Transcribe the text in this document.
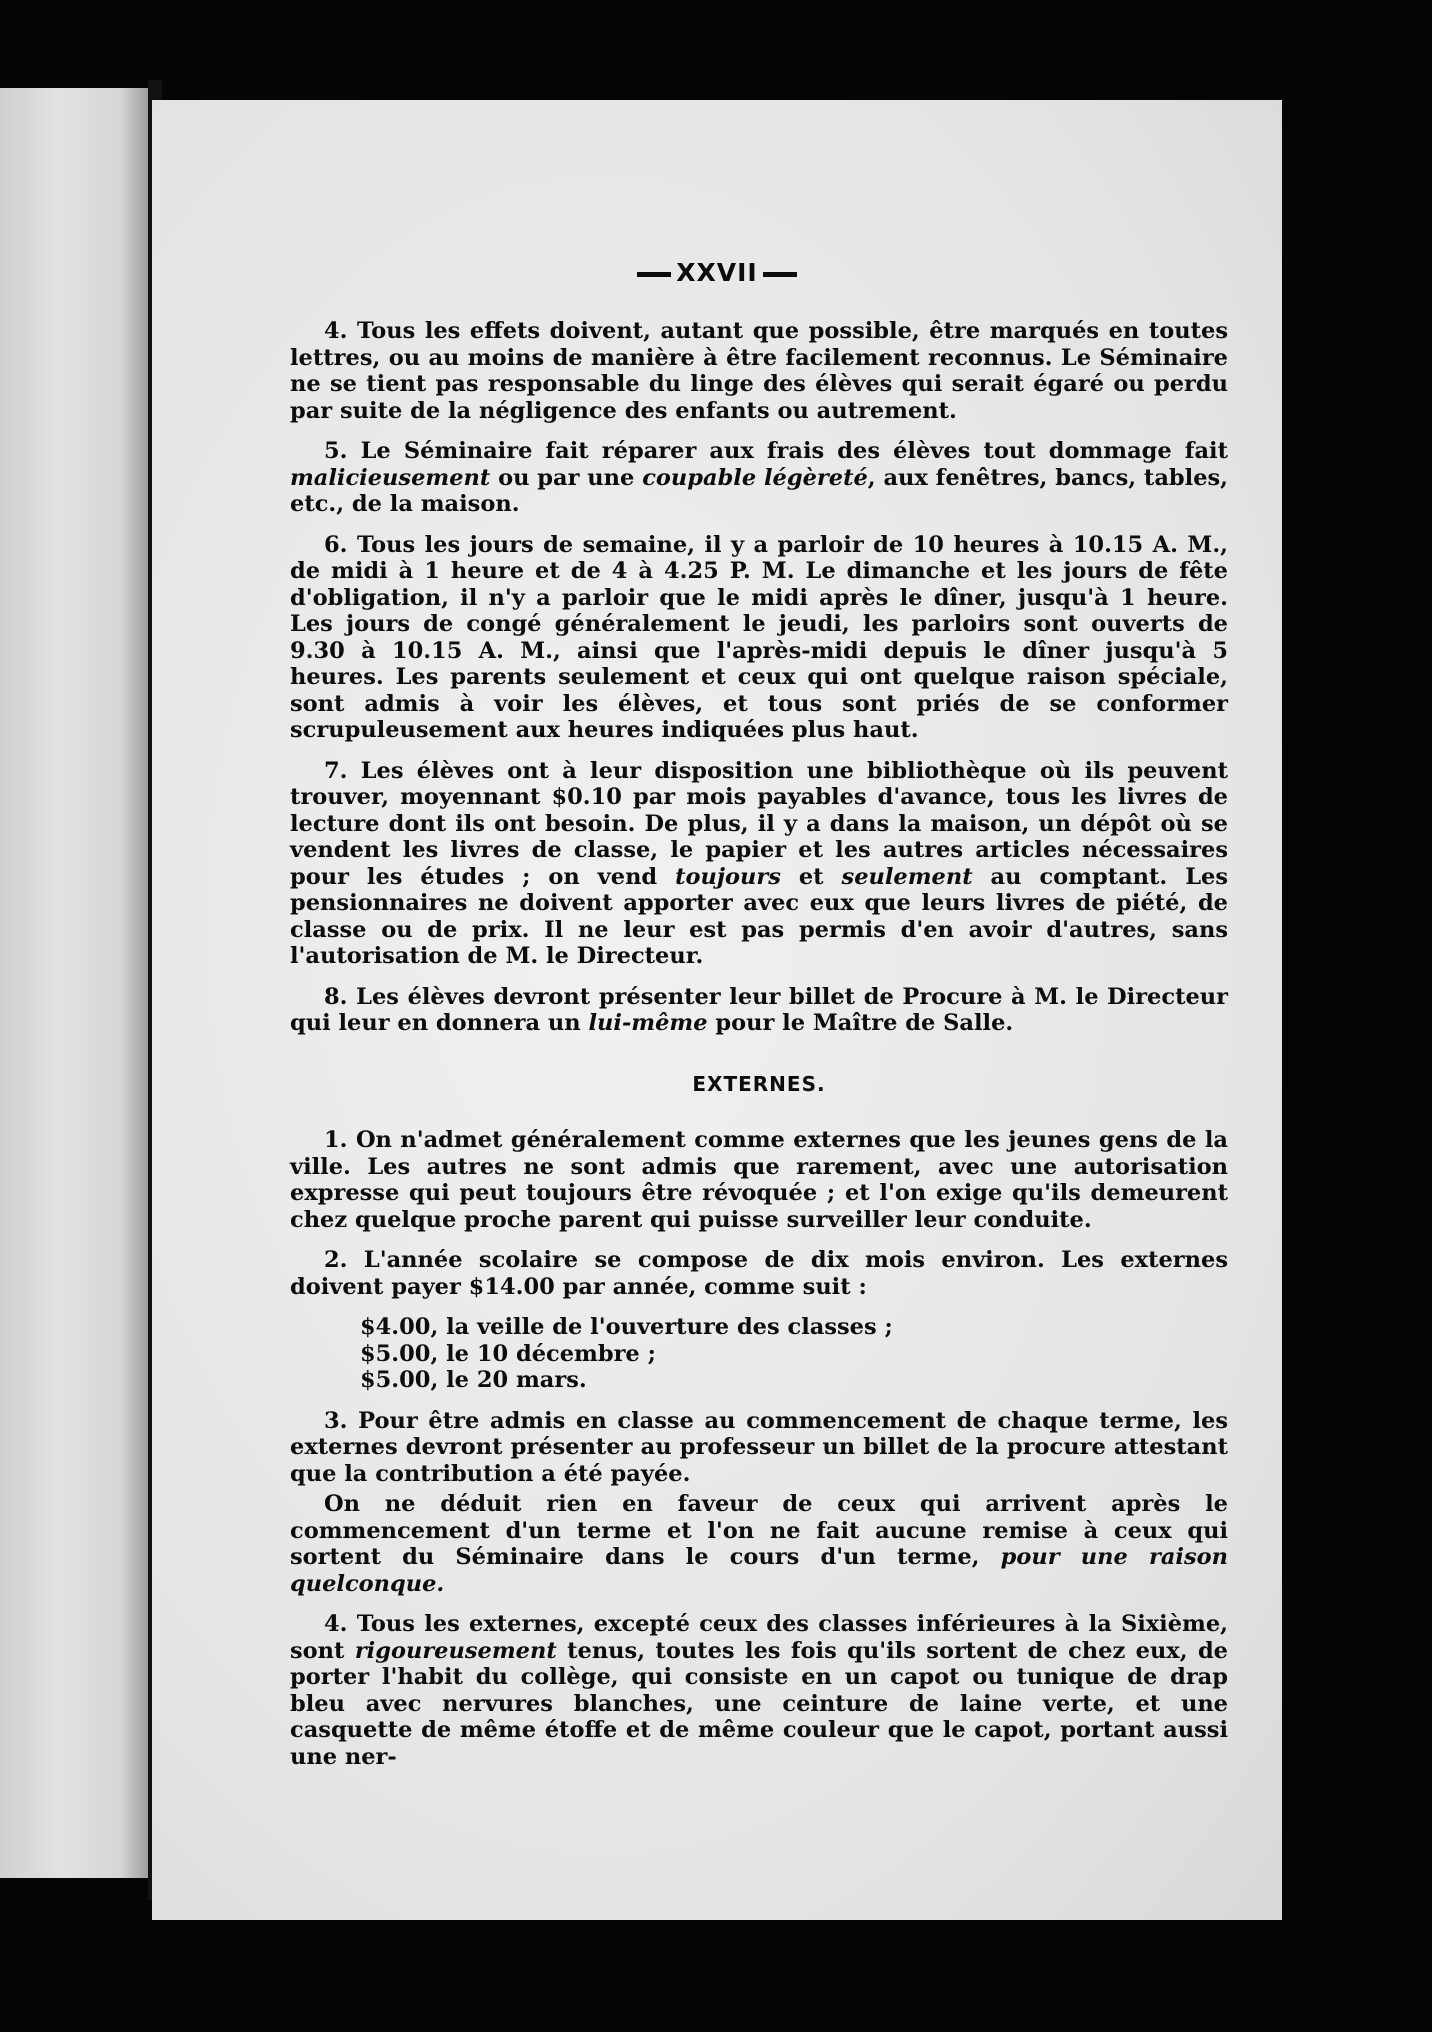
XXVII

4. Tous les effets doivent, autant que possible, être marqués en toutes lettres, ou au moins de manière à être facilement reconnus. Le Séminaire ne se tient pas responsable du linge des élèves qui serait égaré ou perdu par suite de la négligence des enfants ou autrement.

5. Le Séminaire fait réparer aux frais des élèves tout dommage fait malicieusement ou par une coupable légèreté, aux fenêtres, bancs, tables, etc., de la maison.

6. Tous les jours de semaine, il y a parloir de 10 heures à 10.15 A. M., de midi à 1 heure et de 4 à 4.25 P. M. Le dimanche et les jours de fête d'obligation, il n'y a parloir que le midi après le dîner, jusqu'à 1 heure. Les jours de congé généralement le jeudi, les parloirs sont ouverts de 9.30 à 10.15 A. M., ainsi que l'après-midi depuis le dîner jusqu'à 5 heures. Les parents seulement et ceux qui ont quelque raison spéciale, sont admis à voir les élèves, et tous sont priés de se conformer scrupuleusement aux heures indiquées plus haut.

7. Les élèves ont à leur disposition une bibliothèque où ils peuvent trouver, moyennant $0.10 par mois payables d'avance, tous les livres de lecture dont ils ont besoin. De plus, il y a dans la maison, un dépôt où se vendent les livres de classe, le papier et les autres articles nécessaires pour les études ; on vend toujours et seulement au comptant. Les pensionnaires ne doivent apporter avec eux que leurs livres de piété, de classe ou de prix. Il ne leur est pas permis d'en avoir d'autres, sans l'autorisation de M. le Directeur.

8. Les élèves devront présenter leur billet de Procure à M. le Directeur qui leur en donnera un lui-même pour le Maître de Salle.

EXTERNES.

1. On n'admet généralement comme externes que les jeunes gens de la ville. Les autres ne sont admis que rarement, avec une autorisation expresse qui peut toujours être révoquée ; et l'on exige qu'ils demeurent chez quelque proche parent qui puisse surveiller leur conduite.

2. L'année scolaire se compose de dix mois environ. Les externes doivent payer $14.00 par année, comme suit :

$4.00, la veille de l'ouverture des classes ;
$5.00, le 10 décembre ;
$5.00, le 20 mars.

3. Pour être admis en classe au commencement de chaque terme, les externes devront présenter au professeur un billet de la procure attestant que la contribution a été payée.

On ne déduit rien en faveur de ceux qui arrivent après le commencement d'un terme et l'on ne fait aucune remise à ceux qui sortent du Séminaire dans le cours d'un terme, pour une raison quelconque.

4. Tous les externes, excepté ceux des classes inférieures à la Sixième, sont rigoureusement tenus, toutes les fois qu'ils sortent de chez eux, de porter l'habit du collège, qui consiste en un capot ou tunique de drap bleu avec nervures blanches, une ceinture de laine verte, et une casquette de même étoffe et de même couleur que le capot, portant aussi une ner-
